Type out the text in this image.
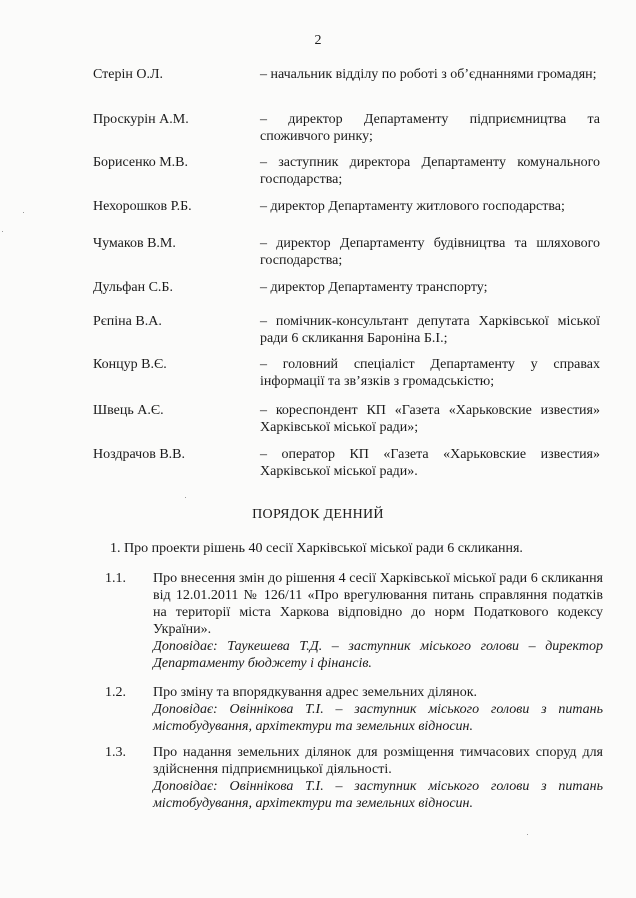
2
Стерін О.Л.	– начальник відділу по роботі з об’єднаннями громадян;
Проскурін А.М.	– директор Департаменту підприємництва та споживчого ринку;
Борисенко М.В.	– заступник директора Департаменту комунального господарства;
Нехорошков Р.Б.	– директор Департаменту житлового господарства;
Чумаков В.М.	– директор Департаменту будівництва та шляхового господарства;
Дульфан С.Б.	– директор Департаменту транспорту;
Рєпіна В.А.	– помічник-консультант депутата Харківської міської ради 6 скликання Бароніна Б.І.;
Концур В.Є.	– головний спеціаліст Департаменту у справах інформації та зв’язків з громадськістю;
Швець А.Є.	– кореспондент КП «Газета «Харьковские известия» Харківської міської ради»;
Ноздрачов В.В.	– оператор КП «Газета «Харьковские известия» Харківської міської ради».
ПОРЯДОК ДЕННИЙ
1. Про проекти рішень 40 сесії Харківської міської ради 6 скликання.
1.1. Про внесення змін до рішення 4 сесії Харківської міської ради 6 скликання від 12.01.2011 № 126/11 «Про врегулювання питань справляння податків на території міста Харкова відповідно до норм Податкового кодексу України».
Доповідає: Таукешева Т.Д. – заступник міського голови – директор Департаменту бюджету і фінансів.
1.2. Про зміну та впорядкування адрес земельних ділянок.
Доповідає: Овіннікова Т.І. – заступник міського голови з питань містобудування, архітектури та земельних відносин.
1.3. Про надання земельних ділянок для розміщення тимчасових споруд для здійснення підприємницької діяльності.
Доповідає: Овіннікова Т.І. – заступник міського голови з питань містобудування, архітектури та земельних відносин.
